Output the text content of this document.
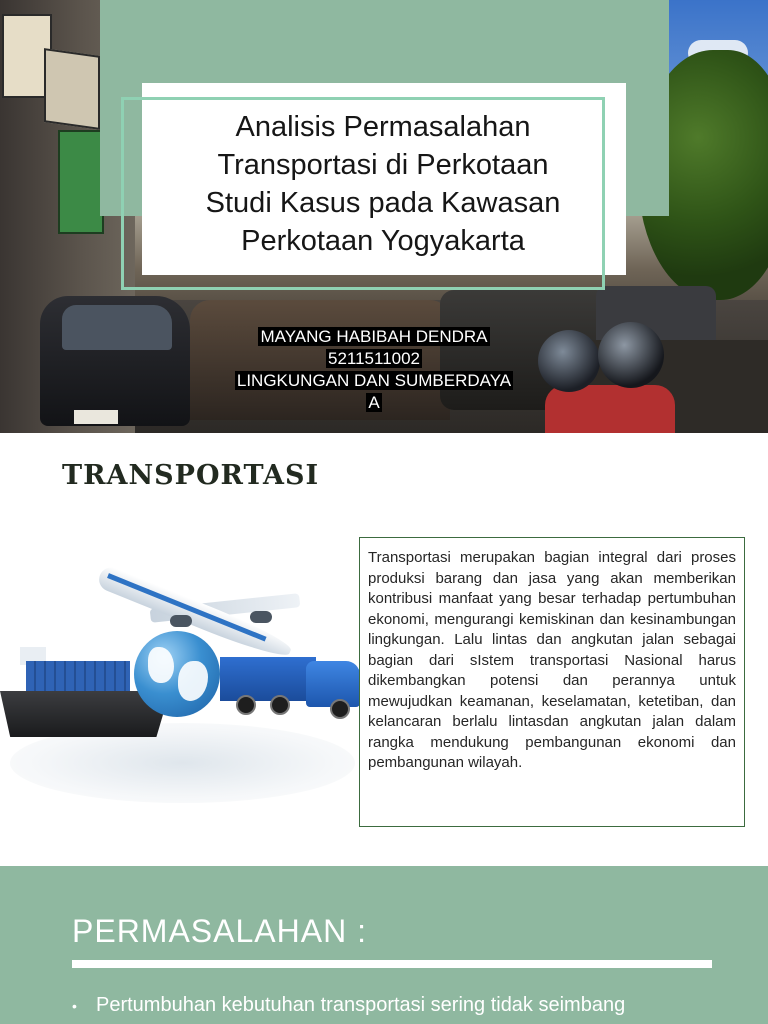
Analisis Permasalahan
Transportasi di Perkotaan
Studi Kasus pada Kawasan
Perkotaan Yogyakarta
MAYANG HABIBAH DENDRA
5211511002
LINGKUNGAN DAN SUMBERDAYA
A
TRANSPORTASI

Transportasi merupakan bagian integral dari proses produksi barang dan jasa yang akan memberikan kontribusi manfaat yang besar terhadap pertumbuhan ekonomi, mengurangi kemiskinan dan kesinambungan lingkungan. Lalu lintas dan angkutan jalan sebagai bagian dari sIstem transportasi Nasional harus dikembangkan potensi dan perannya untuk mewujudkan keamanan, keselamatan, ketetiban, dan kelancaran berlalu lintasdan angkutan jalan dalam rangka mendukung pembangunan ekonomi dan pembangunan wilayah.

PERMASALAHAN :
• Pertumbuhan kebutuhan transportasi sering tidak seimbang
